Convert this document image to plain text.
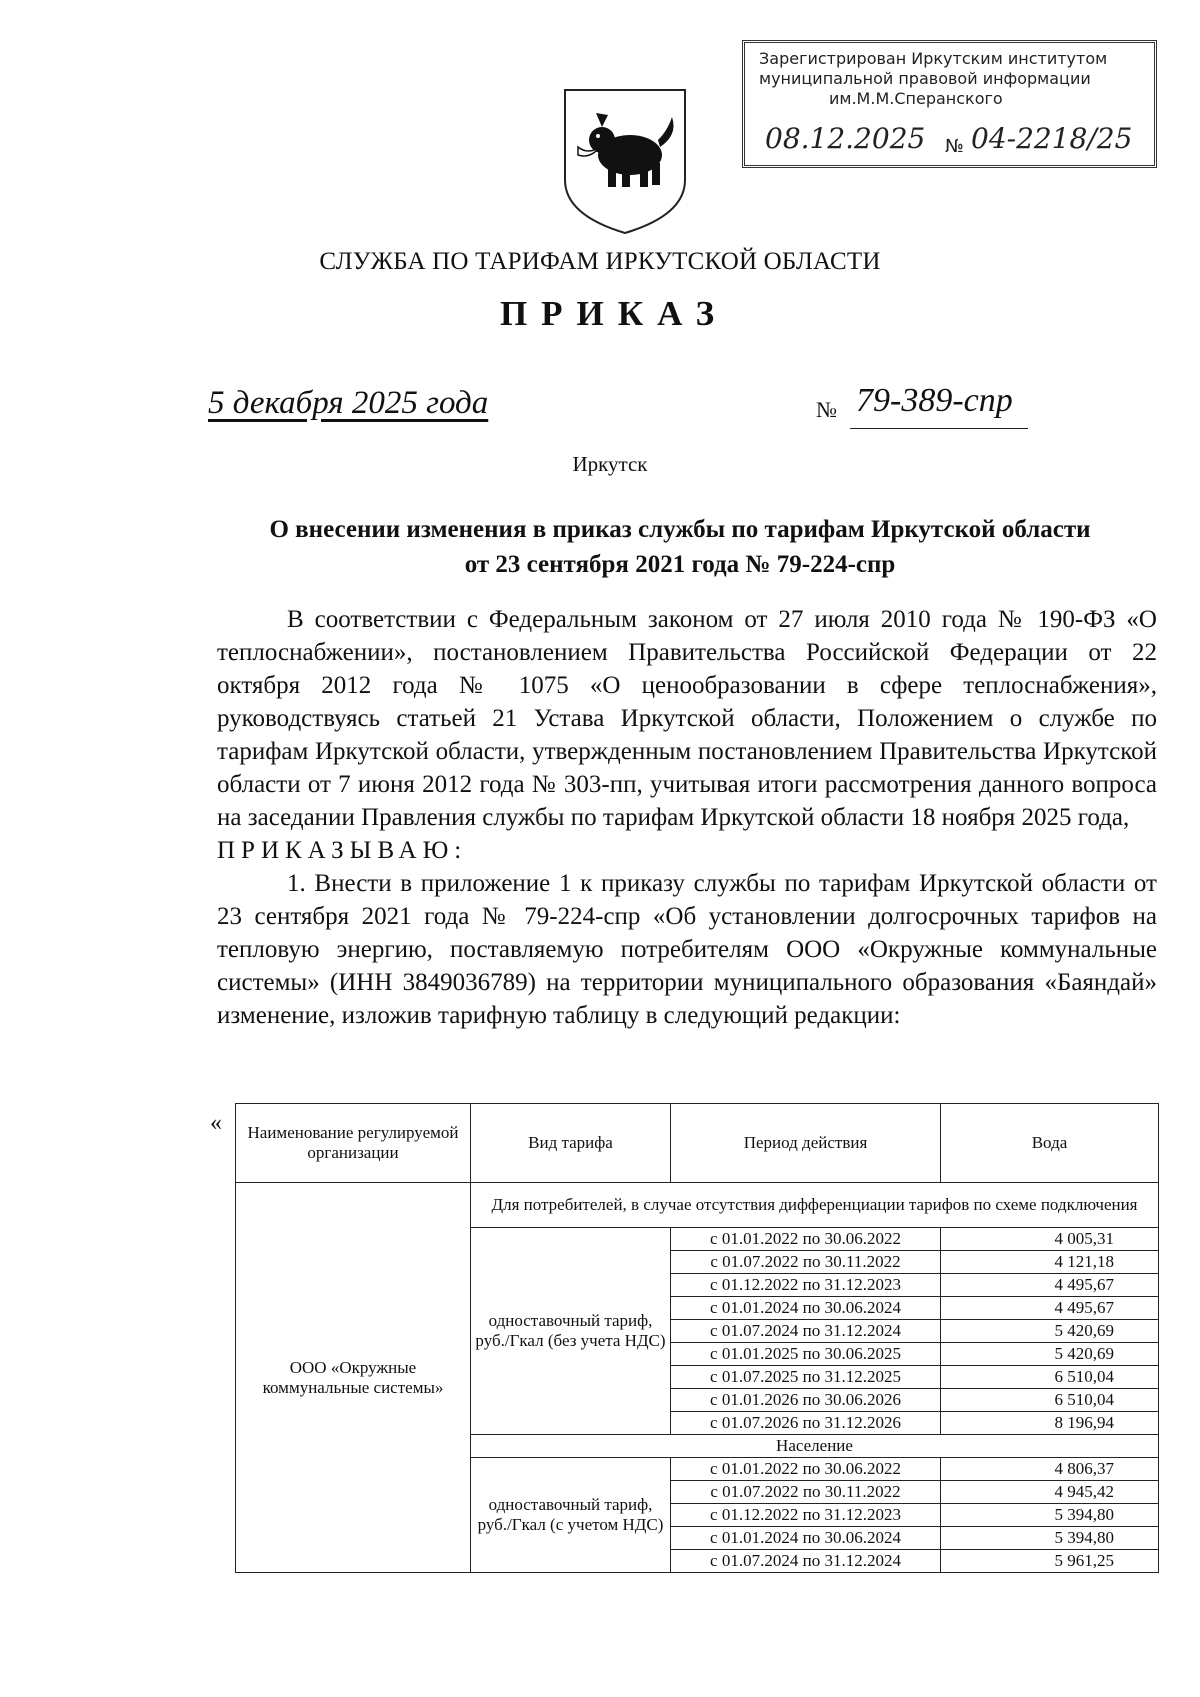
Зарегистрирован Иркутским институтом
муниципальной правовой информации
им.М.М.Сперанского
08.12.2025 № 04-2218/25
СЛУЖБА ПО ТАРИФАМ ИРКУТСКОЙ ОБЛАСТИ
ПРИКАЗ
5 декабря 2025 года	№ 79-389-спр
Иркутск
О внесении изменения в приказ службы по тарифам Иркутской области
от 23 сентября 2021 года № 79-224-спр

В соответствии с Федеральным законом от 27 июля 2010 года № 190-ФЗ «О теплоснабжении», постановлением Правительства Российской Федерации от 22 октября 2012 года № 1075 «О ценообразовании в сфере теплоснабжения», руководствуясь статьей 21 Устава Иркутской области, Положением о службе по тарифам Иркутской области, утвержденным постановлением Правительства Иркутской области от 7 июня 2012 года № 303-пп, учитывая итоги рассмотрения данного вопроса на заседании Правления службы по тарифам Иркутской области 18 ноября 2025 года,

ПРИКАЗЫВАЮ:

1. Внести в приложение 1 к приказу службы по тарифам Иркутской области от 23 сентября 2021 года № 79-224-спр «Об установлении долгосрочных тарифов на тепловую энергию, поставляемую потребителям ООО «Окружные коммунальные системы» (ИНН 3849036789) на территории муниципального образования «Баяндай» изменение, изложив тарифную таблицу в следующий редакции:

« Наименование регулируемой организации	Вид тарифа	Период действия	Вода
ООО «Окружные коммунальные системы»	Для потребителей, в случае отсутствия дифференциации тарифов по схеме подключения		
	одноставочный тариф, руб./Гкал (без учета НДС)	с 01.01.2022 по 30.06.2022	4 005,31
		с 01.07.2022 по 30.11.2022	4 121,18
		с 01.12.2022 по 31.12.2023	4 495,67
		с 01.01.2024 по 30.06.2024	4 495,67
		с 01.07.2024 по 31.12.2024	5 420,69
		с 01.01.2025 по 30.06.2025	5 420,69
		с 01.07.2025 по 31.12.2025	6 510,04
		с 01.01.2026 по 30.06.2026	6 510,04
		с 01.07.2026 по 31.12.2026	8 196,94
	Население		
	одноставочный тариф, руб./Гкал (с учетом НДС)	с 01.01.2022 по 30.06.2022	4 806,37
		с 01.07.2022 по 30.11.2022	4 945,42
		с 01.12.2022 по 31.12.2023	5 394,80
		с 01.01.2024 по 30.06.2024	5 394,80
		с 01.07.2024 по 31.12.2024	5 961,25
